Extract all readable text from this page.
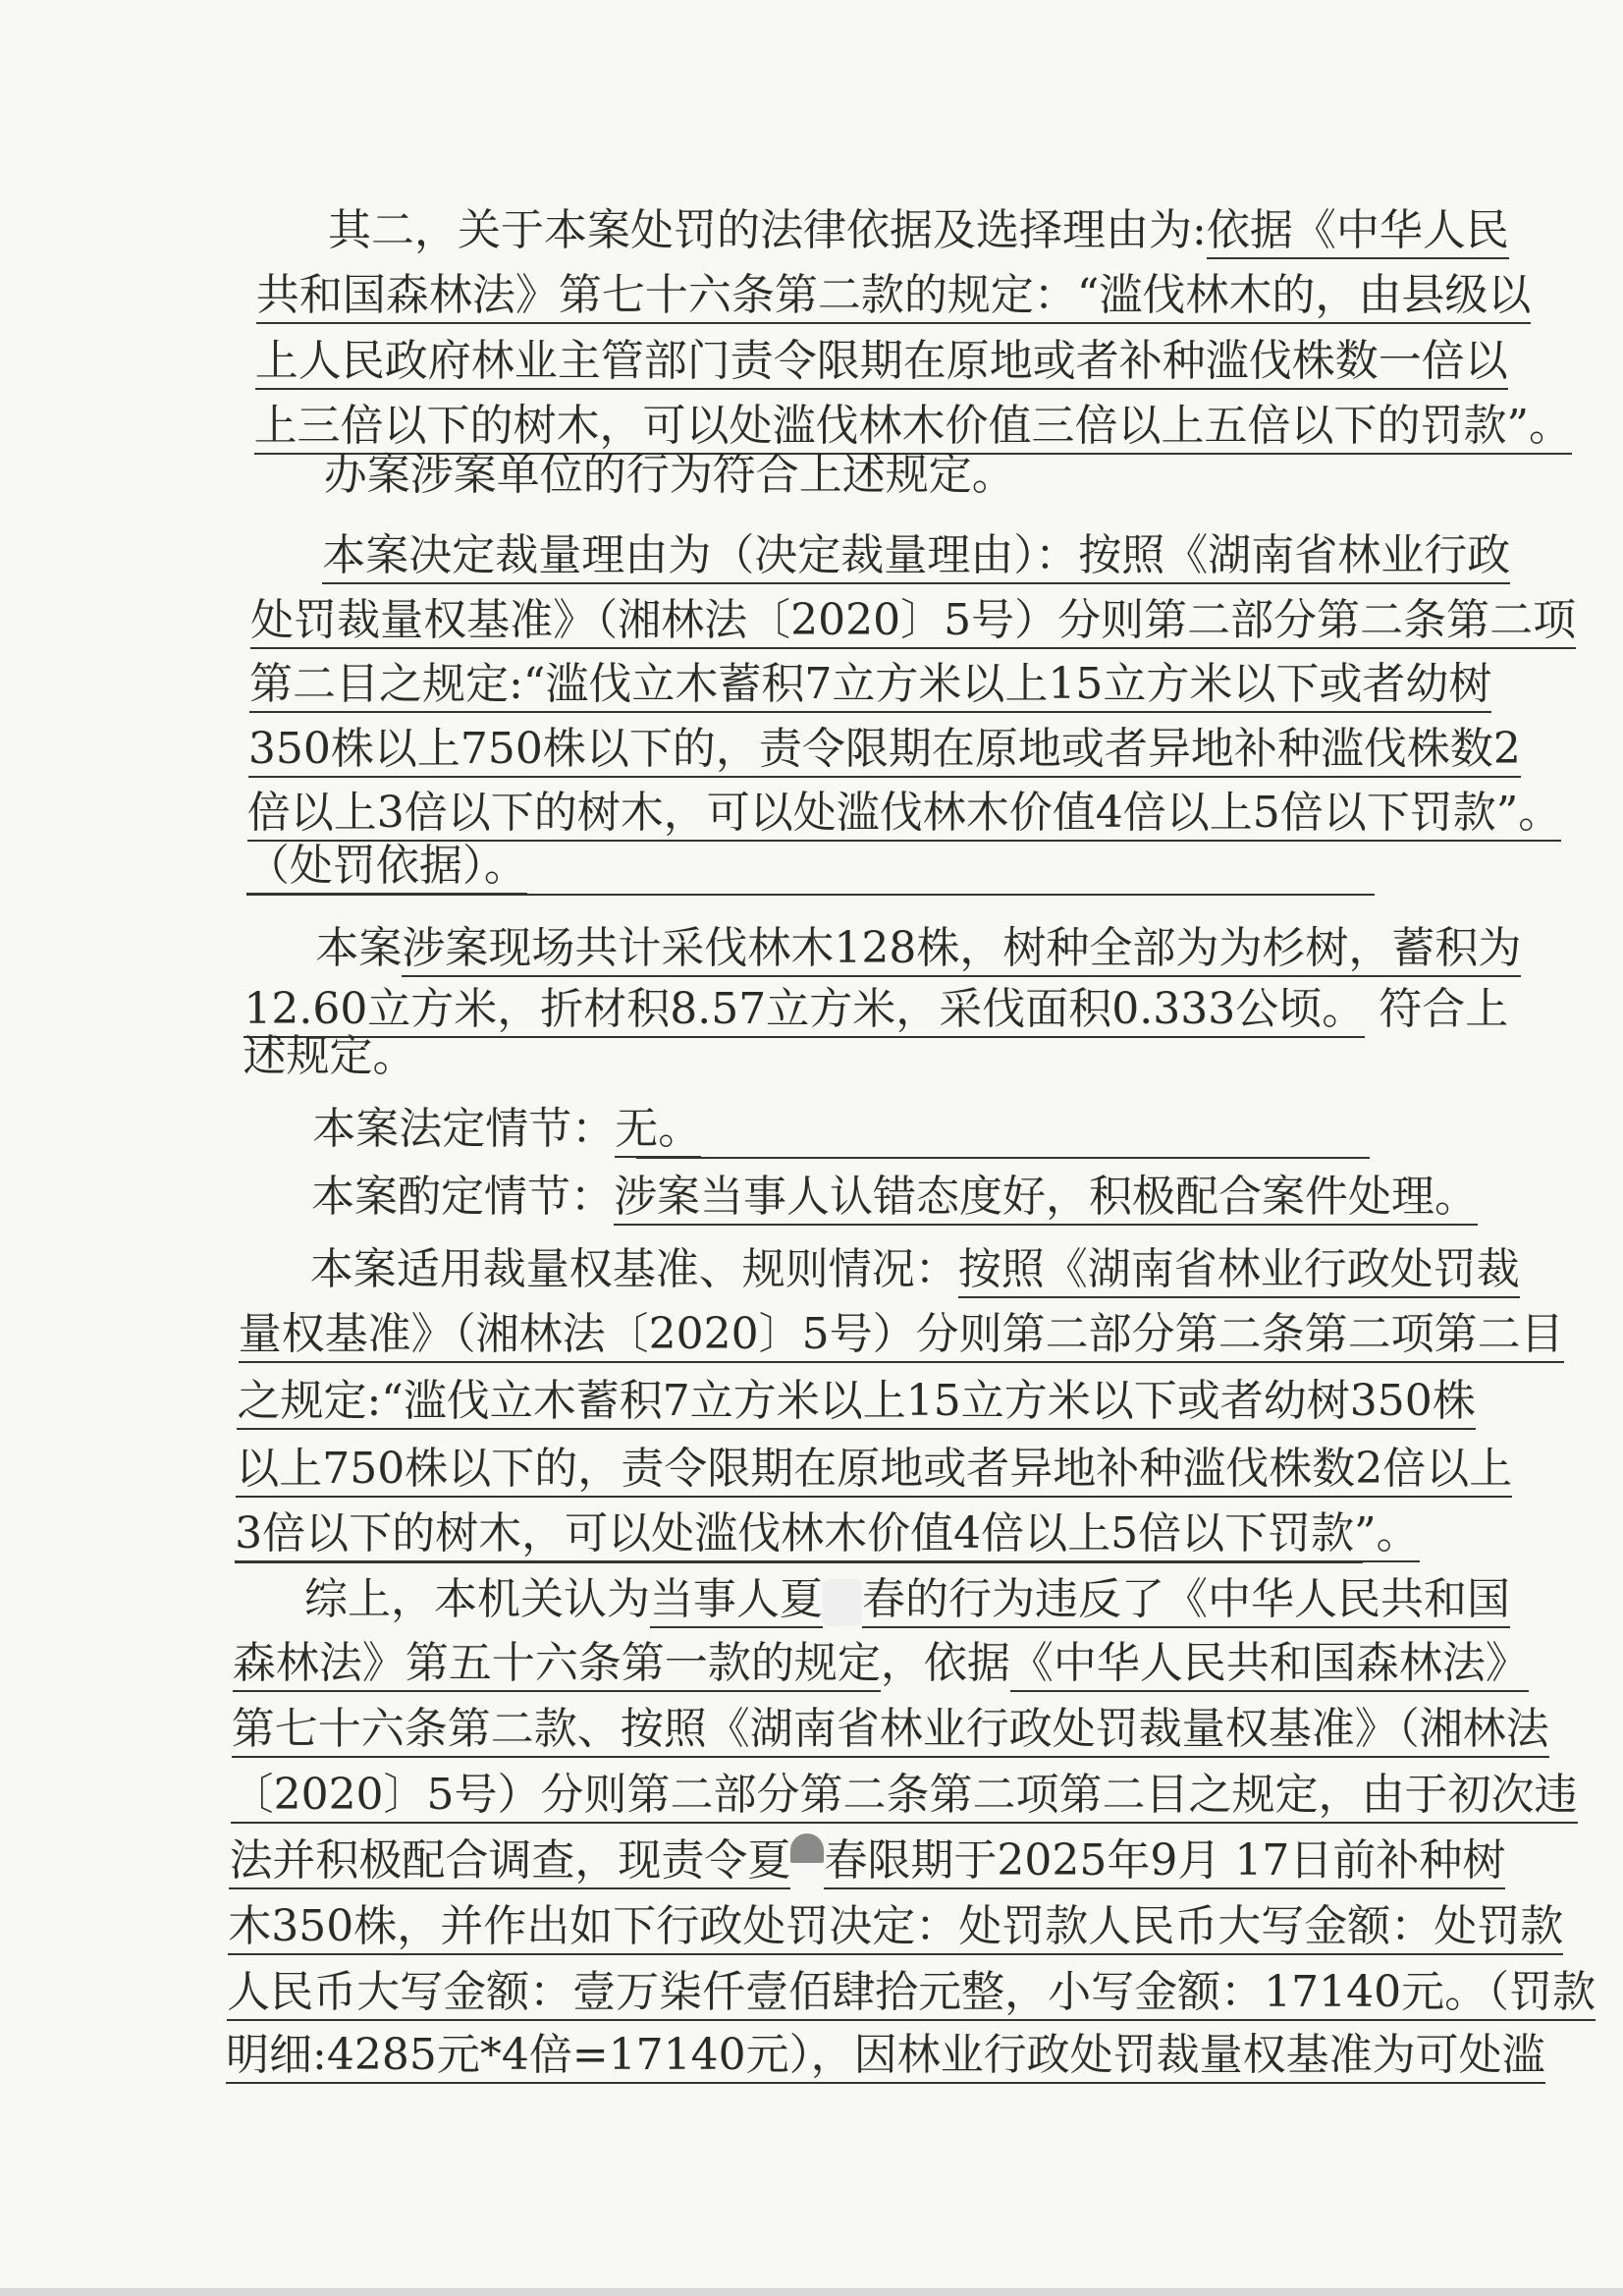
其二，关于本案处罚的法律依据及选择理由为:依据《中华人民
共和国森林法》第七十六条第二款的规定：“滥伐林木的，由县级以
上人民政府林业主管部门责令限期在原地或者补种滥伐株数一倍以
上三倍以下的树木，可以处滥伐林木价值三倍以上五倍以下的罚款”。
办案涉案单位的行为符合上述规定。
本案决定裁量理由为（决定裁量理由）：按照《湖南省林业行政
处罚裁量权基准》（湘林法〔2020〕5号）分则第二部分第二条第二项
第二目之规定:“滥伐立木蓄积7立方米以上15立方米以下或者幼树
350株以上750株以下的，责令限期在原地或者异地补种滥伐株数2
倍以上3倍以下的树木，可以处滥伐林木价值4倍以上5倍以下罚款”。
（处罚依据）。
本案涉案现场共计采伐林木128株，树种全部为为杉树，蓄积为
12.60立方米，折材积8.57立方米，采伐面积0.333公顷。 符合上
述规定。
本案法定情节：无。
本案酌定情节：涉案当事人认错态度好，积极配合案件处理。
本案适用裁量权基准、规则情况：按照《湖南省林业行政处罚裁
量权基准》（湘林法〔2020〕5号）分则第二部分第二条第二项第二目
之规定:“滥伐立木蓄积7立方米以上15立方米以下或者幼树350株
以上750株以下的，责令限期在原地或者异地补种滥伐株数2倍以上
3倍以下的树木，可以处滥伐林木价值4倍以上5倍以下罚款”。
综上，本机关认为当事人夏 春的行为违反了《中华人民共和国
森林法》第五十六条第一款的规定，依据《中华人民共和国森林法》
第七十六条第二款、按照《湖南省林业行政处罚裁量权基准》（湘林法
〔2020〕5号）分则第二部分第二条第二项第二目之规定，由于初次违
法并积极配合调查，现责令夏 春限期于2025年9月 17日前补种树
木350株，并作出如下行政处罚决定：处罚款人民币大写金额：处罚款
人民币大写金额：壹万柒仟壹佰肆拾元整，小写金额：17140元。（罚款
明细:4285元*4倍=17140元），因林业行政处罚裁量权基准为可处滥
